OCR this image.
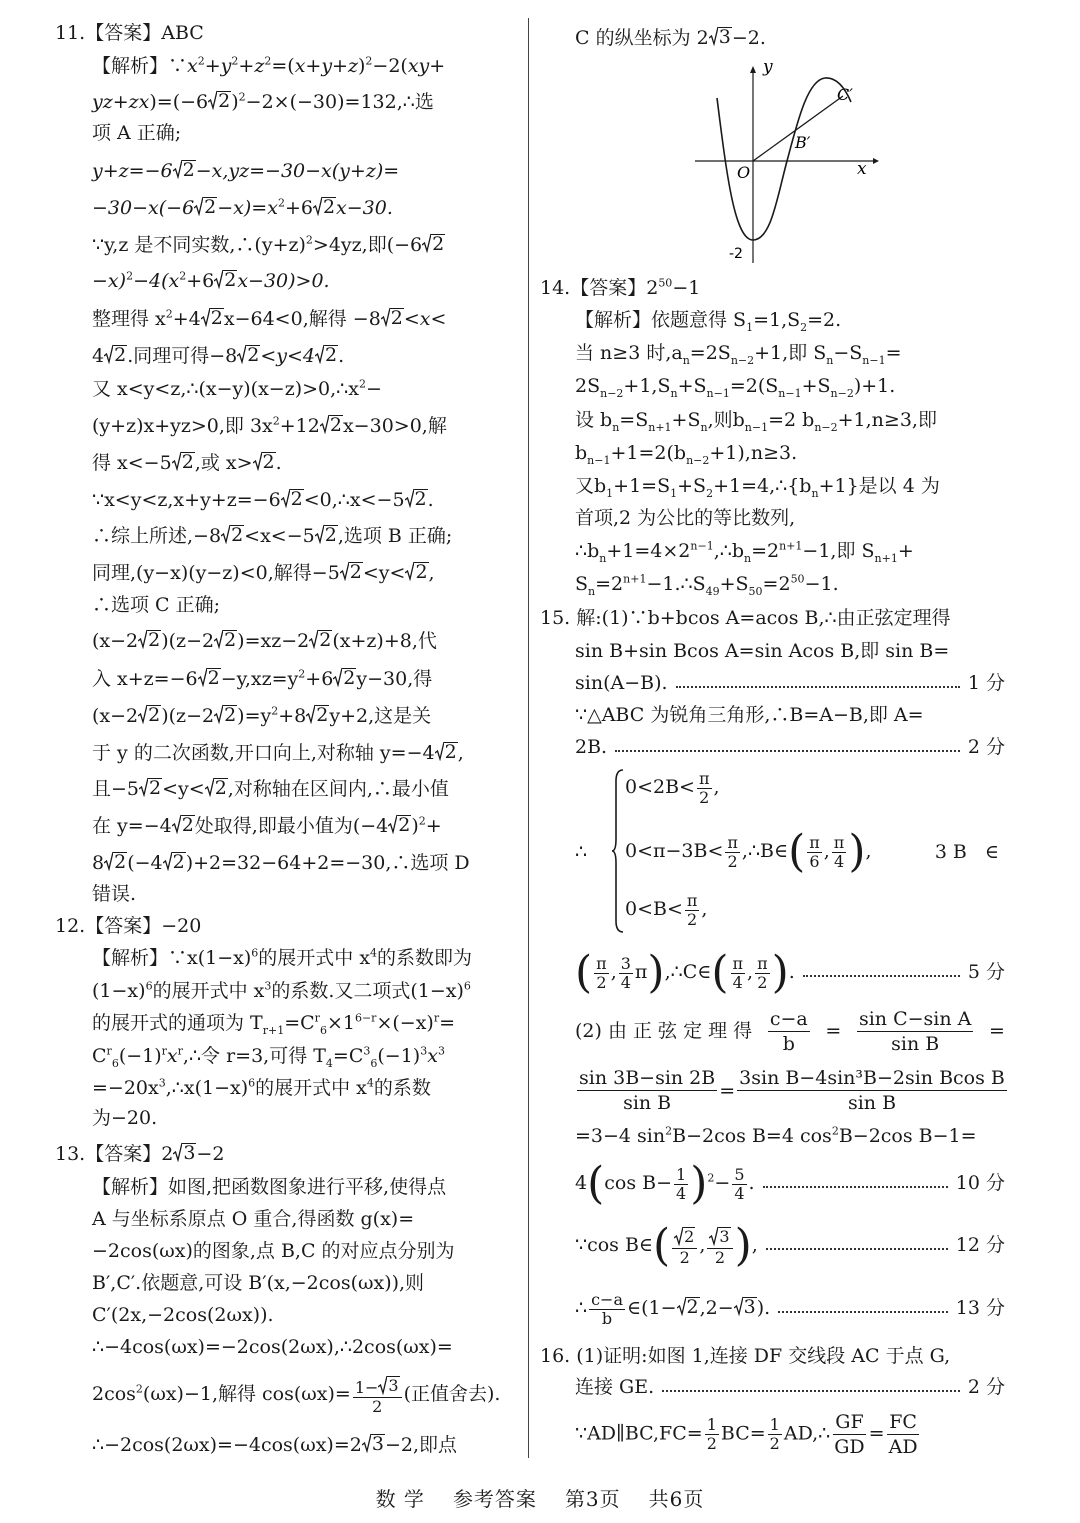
11.【答案】ABC
【解析】$\because x^2+y^2+z^2=(x+y+z)^2-2(xy+$
yz+zx)=(−6 2 )$^2$−2×(−30)=132,∴选
项 A 正确;
y+z=−6 2 −x,yz=−30−x(y+z)=
−30−x(−6 $2 -x)=x^2+6$ 2 x−30.
∵y,z 是不同实数$,\therefore(y+z)^2>4yz$,即(−6 2
$-x)^2-4(x^2+6$ 2 x−30)>0.
整理得 $x^2+4$ 2 x−64<0,解得 −8 2 <x<
4 2 .同理可得−8 2 <y<4 2 .
又 $x<y<z,\therefore(x-y)(x-z)>0,\therefore x^2-$
(y+z)x+yz>0,即 $3x^2+12$ 2 x−30>0,解
得 x<−5 2 ,或 x> 2 .
∵x<y<z,x+y+z=−6 2 <0,∴x<−5 2 .
∴综上所述,−8 2 <x<−5 2 ,选项 B 正确;
同理,(y−x)(y−z)<0,解得−5 2 <y< 2 ,
∴选项 C 正确;
(x−2 2 )(z−2 2 )=xz−2 2 (x+z)+8,代
入 x+z=−6 $2 -y,xz=y^2+6$ 2 y−30,得
(x−2 2 )(z−2 2 )$=y^2+8$ 2 y+2,这是关
于 y 的二次函数,开口向上,对称轴 y=−4 2 ,
且−5 2 <y< 2 ,对称轴在区间内,∴最小值
在 y=−4 2 处取得,即最小值为(−4 2 )$^2$+
8 2 (−4 2 )+2=32−64+2=−30,∴选项 D
错误.
12.【答案】−20
【解析】$\because x(1-x)^6$的展开式中 $x^4$的系数即为
$(1-x)^6$的展开式中 $x^3$的系数.又二项式$(1-x)^6$
的展开式的通项为 $T_{r+1}=C^r_6\times 1^{6-r}\times(-x)^r=$
$C^r_6(-1)^rx^r,\therefore$令 r=3,可得 $T_4=C^3_6(-1)^3x^3$
$=-20x^3,\therefore x(1-x)^6$的展开式中 $x^4$的系数
为−20.
13.【答案】2 3 −2
【解析】如图,把函数图象进行平移,使得点
A 与坐标系原点 O 重合,得函数 g(x)=
−2cos(ωx)的图象,点 B,C 的对应点分别为
B′,C′.依题意,可设 B′(x,−2cos(ωx)),则
C′(2x,−2cos(2ωx)).
∴−4cos(ωx)=−2cos(2ωx),∴2cos(ωx)=
$2\cos^2(\omega x)-1$,解得 $\cos(\omega x)= \frac{1- 3}{2}$ (正值舍去).
∴−2cos(2ωx)=−4cos(ωx)=2 3 −2,即点
C 的纵坐标为 2 3 −2.
14.【答案】$2^{50}-1$
【解析】依题意得 $S_1=1,S_2=2$.
当 n≥3 时$,a_n=2S_{n-2}+1$,即 $S_n-S_{n-1}=$
$2S_{n-2}+1,S_n+S_{n-1}=2(S_{n-1}+S_{n-2})+1$.
设 $b_n=S_{n+1}+S_n$,则$b_{n-1}=2$ $b_{n-2}+1,n\ge 3$,即
$b_{n-1}+1=2(b_{n-2}+1),n\ge 3$.
又$b_1+1=S_1+S_2+1=4,\therefore\{b_n+1\}$是以 4 为
首项,2 为公比的等比数列,
$\therefore b_n+1=4\times 2^{n-1},\therefore b_n=2^{n+1}-1$,即 $S_{n+1}+$
$S_n=2^{n+1}-1.\therefore S_{49}+S_{50}=2^{50}-1$.
15. 解:(1)∵b+bcos A=acos B,∴由正弦定理得
sin B+sin Bcos A=sin Acos B,即 sin B=
sin(A−B).	1 分
∵△ABC 为锐角三角形,∴B=A−B,即 A=
2B.	2 分
∴
$0<2B< \frac{\pi}{2}$ ,
$0<\pi-3B< \frac{\pi}{2}$ ,∴B∈( $\frac{\pi}{6}$ , $\frac{\pi}{4}$ ),	3B ∈
$0<B< \frac{\pi}{2}$ ,
( $\frac{\pi}{2}$ , $\frac{3}{4}$ π),∴C∈( $\frac{\pi}{4}$ , $\frac{\pi}{2}$ ).	5 分
(2) 由 正 弦 定 理 得 $\frac{c-a}{b} = \frac{\text{sin C−sin A}}{\text{sin B}}$ =
$\frac{\sin 3B-\sin 2B}{\text{sin B}} = \frac{\text{3sin B−4sin³B−2sin Bcos B}}{\text{sin B}}$
=3−4 $\sin^2B-2\cos$ B=4 $\cos^2B-2\cos$ B−1=
4(cos $B- \frac{1}{4} )^2- \frac{5}{4}$ .	10 分
∵cos B∈( $\frac{2}{2}$ , $\frac{3}{2}$ ),	12 分
∴ $\frac{c-a}{b}$ ∈(1− 2 ,2− 3 ).	13 分
16. (1)证明:如图 1,连接 DF 交线段 AC 于点 G,
连接 GE.	2 分
∵AD∥BC,FC= $\frac{1}{2} BC= \frac{1}{2}$ AD,∴ $\frac{GF}{GD} = \frac{FC}{AD}$
y
x
O
-2
C′
B′
数 学 参考答案 第3页 共6页
